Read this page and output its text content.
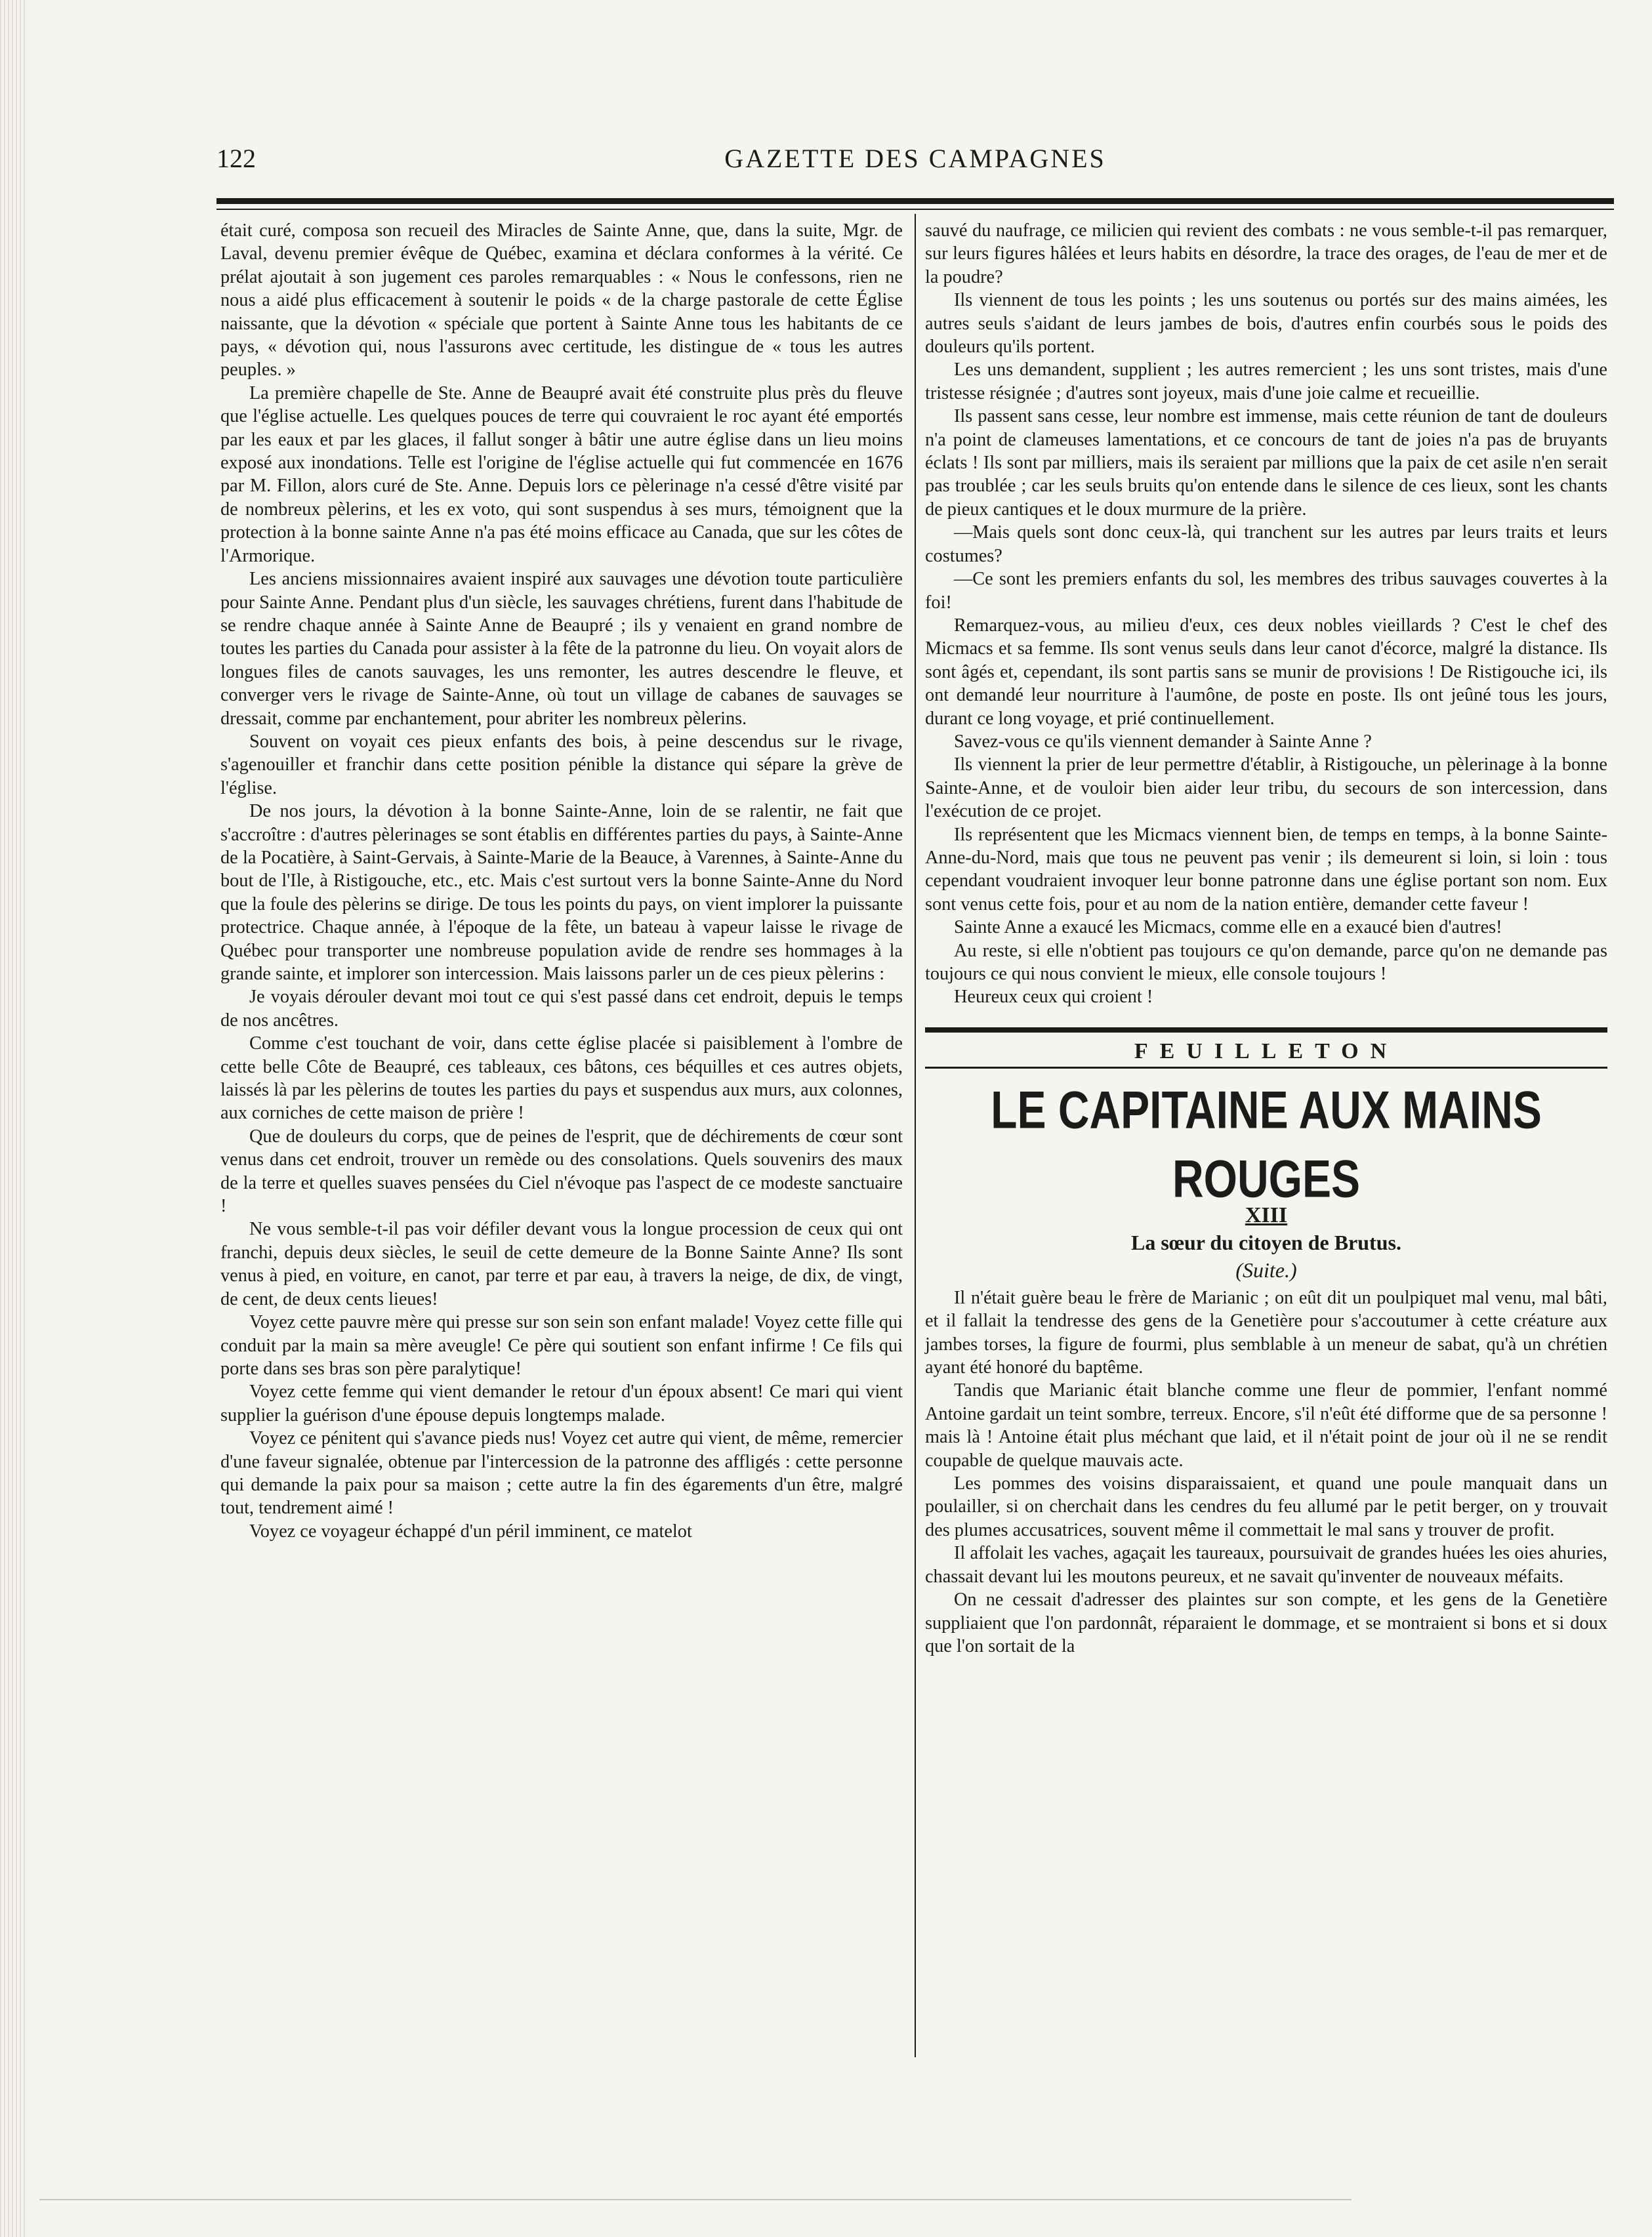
122	GAZETTE DES CAMPAGNES

était curé, composa son recueil des Miracles de Sainte Anne, que, dans la suite, Mgr. de Laval, devenu premier évêque de Québec, examina et déclara conformes à la vérité. Ce prélat ajoutait à son jugement ces paroles remarquables : « Nous le confessons, rien ne nous a aidé plus efficacement à soutenir le poids « de la charge pastorale de cette Église naissante, que la dévotion « spéciale que portent à Sainte Anne tous les habitants de ce pays, « dévotion qui, nous l'assurons avec certitude, les distingue de « tous les autres peuples. »

La première chapelle de Ste. Anne de Beaupré avait été construite plus près du fleuve que l'église actuelle. Les quelques pouces de terre qui couvraient le roc ayant été emportés par les eaux et par les glaces, il fallut songer à bâtir une autre église dans un lieu moins exposé aux inondations. Telle est l'origine de l'église actuelle qui fut commencée en 1676 par M. Fillon, alors curé de Ste. Anne. Depuis lors ce pèlerinage n'a cessé d'être visité par de nombreux pèlerins, et les ex voto, qui sont suspendus à ses murs, témoignent que la protection à la bonne sainte Anne n'a pas été moins efficace au Canada, que sur les côtes de l'Armorique.

Les anciens missionnaires avaient inspiré aux sauvages une dévotion toute particulière pour Sainte Anne. Pendant plus d'un siècle, les sauvages chrétiens, furent dans l'habitude de se rendre chaque année à Sainte Anne de Beaupré ; ils y venaient en grand nombre de toutes les parties du Canada pour assister à la fête de la patronne du lieu. On voyait alors de longues files de canots sauvages, les uns remonter, les autres descendre le fleuve, et converger vers le rivage de Sainte-Anne, où tout un village de cabanes de sauvages se dressait, comme par enchantement, pour abriter les nombreux pèlerins.

Souvent on voyait ces pieux enfants des bois, à peine descendus sur le rivage, s'agenouiller et franchir dans cette position pénible la distance qui sépare la grève de l'église.

De nos jours, la dévotion à la bonne Sainte-Anne, loin de se ralentir, ne fait que s'accroître : d'autres pèlerinages se sont établis en différentes parties du pays, à Sainte-Anne de la Pocatière, à Saint-Gervais, à Sainte-Marie de la Beauce, à Varennes, à Sainte-Anne du bout de l'Ile, à Ristigouche, etc., etc. Mais c'est surtout vers la bonne Sainte-Anne du Nord que la foule des pèlerins se dirige. De tous les points du pays, on vient implorer la puissante protectrice. Chaque année, à l'époque de la fête, un bateau à vapeur laisse le rivage de Québec pour transporter une nombreuse population avide de rendre ses hommages à la grande sainte, et implorer son intercession. Mais laissons parler un de ces pieux pèlerins :

Je voyais dérouler devant moi tout ce qui s'est passé dans cet endroit, depuis le temps de nos ancêtres.

Comme c'est touchant de voir, dans cette église placée si paisiblement à l'ombre de cette belle Côte de Beaupré, ces tableaux, ces bâtons, ces béquilles et ces autres objets, laissés là par les pèlerins de toutes les parties du pays et suspendus aux murs, aux colonnes, aux corniches de cette maison de prière !

Que de douleurs du corps, que de peines de l'esprit, que de déchirements de cœur sont venus dans cet endroit, trouver un remède ou des consolations. Quels souvenirs des maux de la terre et quelles suaves pensées du Ciel n'évoque pas l'aspect de ce modeste sanctuaire !

Ne vous semble-t-il pas voir défiler devant vous la longue procession de ceux qui ont franchi, depuis deux siècles, le seuil de cette demeure de la Bonne Sainte Anne? Ils sont venus à pied, en voiture, en canot, par terre et par eau, à travers la neige, de dix, de vingt, de cent, de deux cents lieues!

Voyez cette pauvre mère qui presse sur son sein son enfant malade! Voyez cette fille qui conduit par la main sa mère aveugle! Ce père qui soutient son enfant infirme ! Ce fils qui porte dans ses bras son père paralytique!

Voyez cette femme qui vient demander le retour d'un époux absent! Ce mari qui vient supplier la guérison d'une épouse depuis longtemps malade.

Voyez ce pénitent qui s'avance pieds nus! Voyez cet autre qui vient, de même, remercier d'une faveur signalée, obtenue par l'intercession de la patronne des affligés : cette personne qui demande la paix pour sa maison ; cette autre la fin des égarements d'un être, malgré tout, tendrement aimé !

Voyez ce voyageur échappé d'un péril imminent, ce matelot

sauvé du naufrage, ce milicien qui revient des combats : ne vous semble-t-il pas remarquer, sur leurs figures hâlées et leurs habits en désordre, la trace des orages, de l'eau de mer et de la poudre?

Ils viennent de tous les points ; les uns soutenus ou portés sur des mains aimées, les autres seuls s'aidant de leurs jambes de bois, d'autres enfin courbés sous le poids des douleurs qu'ils portent.

Les uns demandent, supplient ; les autres remercient ; les uns sont tristes, mais d'une tristesse résignée ; d'autres sont joyeux, mais d'une joie calme et recueillie.

Ils passent sans cesse, leur nombre est immense, mais cette réunion de tant de douleurs n'a point de clameuses lamentations, et ce concours de tant de joies n'a pas de bruyants éclats ! Ils sont par milliers, mais ils seraient par millions que la paix de cet asile n'en serait pas troublée ; car les seuls bruits qu'on entende dans le silence de ces lieux, sont les chants de pieux cantiques et le doux murmure de la prière.

—Mais quels sont donc ceux-là, qui tranchent sur les autres par leurs traits et leurs costumes?

—Ce sont les premiers enfants du sol, les membres des tribus sauvages couvertes à la foi!

Remarquez-vous, au milieu d'eux, ces deux nobles vieillards ? C'est le chef des Micmacs et sa femme. Ils sont venus seuls dans leur canot d'écorce, malgré la distance. Ils sont âgés et, cependant, ils sont partis sans se munir de provisions ! De Ristigouche ici, ils ont demandé leur nourriture à l'aumône, de poste en poste. Ils ont jeûné tous les jours, durant ce long voyage, et prié continuellement.

Savez-vous ce qu'ils viennent demander à Sainte Anne ?

Ils viennent la prier de leur permettre d'établir, à Ristigouche, un pèlerinage à la bonne Sainte-Anne, et de vouloir bien aider leur tribu, du secours de son intercession, dans l'exécution de ce projet.

Ils représentent que les Micmacs viennent bien, de temps en temps, à la bonne Sainte-Anne-du-Nord, mais que tous ne peuvent pas venir ; ils demeurent si loin, si loin : tous cependant voudraient invoquer leur bonne patronne dans une église portant son nom. Eux sont venus cette fois, pour et au nom de la nation entière, demander cette faveur !

Sainte Anne a exaucé les Micmacs, comme elle en a exaucé bien d'autres!

Au reste, si elle n'obtient pas toujours ce qu'on demande, parce qu'on ne demande pas toujours ce qui nous convient le mieux, elle console toujours !

Heureux ceux qui croient !

FEUILLETON
LE CAPITAINE AUX MAINS ROUGES
XIII
La sœur du citoyen de Brutus.
(Suite.)

Il n'était guère beau le frère de Marianic ; on eût dit un poulpiquet mal venu, mal bâti, et il fallait la tendresse des gens de la Genetière pour s'accoutumer à cette créature aux jambes torses, la figure de fourmi, plus semblable à un meneur de sabat, qu'à un chrétien ayant été honoré du baptême.

Tandis que Marianic était blanche comme une fleur de pommier, l'enfant nommé Antoine gardait un teint sombre, terreux. Encore, s'il n'eût été difforme que de sa personne ! mais là ! Antoine était plus méchant que laid, et il n'était point de jour où il ne se rendit coupable de quelque mauvais acte.

Les pommes des voisins disparaissaient, et quand une poule manquait dans un poulailler, si on cherchait dans les cendres du feu allumé par le petit berger, on y trouvait des plumes accusatrices, souvent même il commettait le mal sans y trouver de profit.

Il affolait les vaches, agaçait les taureaux, poursuivait de grandes huées les oies ahuries, chassait devant lui les moutons peureux, et ne savait qu'inventer de nouveaux méfaits.

On ne cessait d'adresser des plaintes sur son compte, et les gens de la Genetière suppliaient que l'on pardonnât, réparaient le dommage, et se montraient si bons et si doux que l'on sortait de la
